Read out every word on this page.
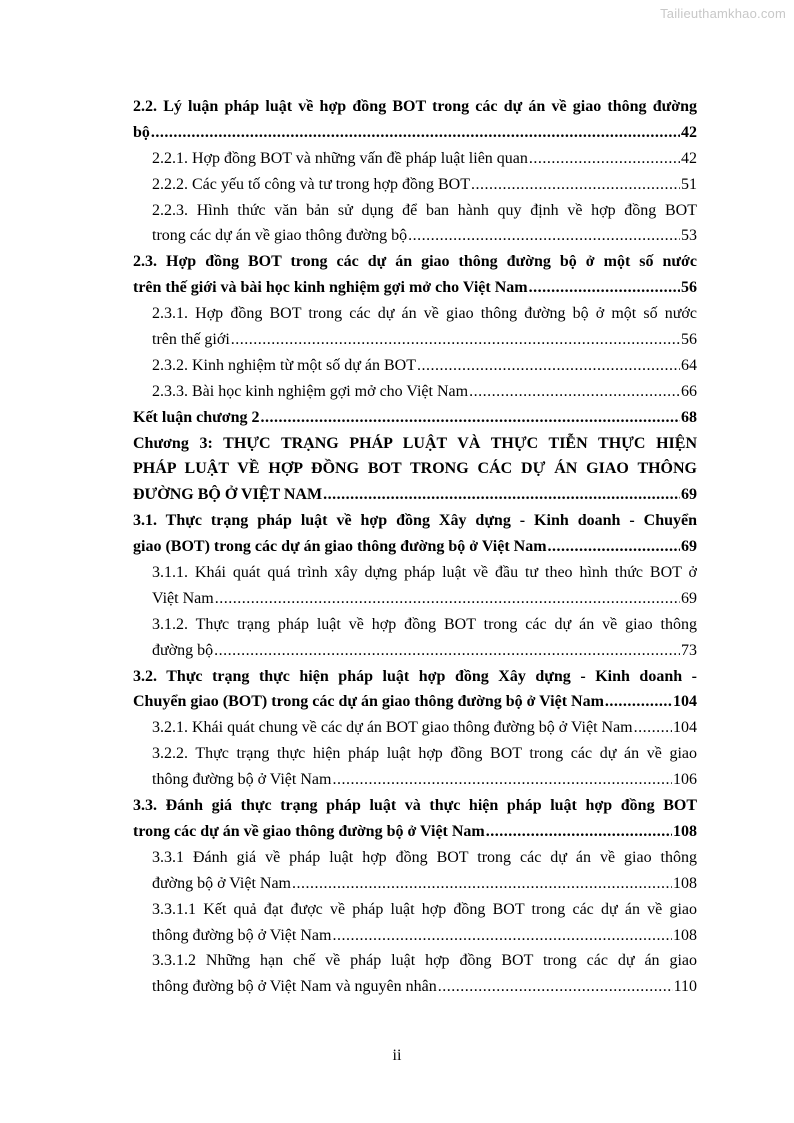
Tailieuthamkhao.com
2.2. Lý luận pháp luật về hợp đồng BOT trong các dự án về giao thông đường
bộ .....	42
2.2.1. Hợp đồng BOT và những vấn đề pháp luật liên quan .....	42
2.2.2. Các yếu tố công và tư trong hợp đồng BOT .....	51
2.2.3. Hình thức văn bản sử dụng để ban hành quy định về hợp đồng BOT
trong các dự án về giao thông đường bộ .....	53
2.3. Hợp đồng BOT trong các dự án giao thông đường bộ ở một số nước
trên thế giới và bài học kinh nghiệm gợi mở cho Việt Nam .....	56
2.3.1. Hợp đồng BOT trong các dự án về giao thông đường bộ ở một số nước
trên thế giới .....	56
2.3.2. Kinh nghiệm từ một số dự án BOT .....	64
2.3.3. Bài học kinh nghiệm gợi mở cho Việt Nam .....	66
Kết luận chương 2 .....	68
Chương 3: THỰC TRẠNG PHÁP LUẬT VÀ THỰC TIỄN THỰC HIỆN
PHÁP LUẬT VỀ HỢP ĐỒNG BOT TRONG CÁC DỰ ÁN GIAO THÔNG
ĐƯỜNG BỘ Ở VIỆT NAM .....	69
3.1. Thực trạng pháp luật về hợp đồng Xây dựng - Kinh doanh - Chuyển
giao (BOT) trong các dự án giao thông đường bộ ở Việt Nam .....	69
3.1.1. Khái quát quá trình xây dựng pháp luật về đầu tư theo hình thức BOT ở
Việt Nam .....	69
3.1.2. Thực trạng pháp luật về hợp đồng BOT trong các dự án về giao thông
đường bộ .....	73
3.2. Thực trạng thực hiện pháp luật hợp đồng Xây dựng - Kinh doanh -
Chuyển giao (BOT) trong các dự án giao thông đường bộ ở Việt Nam .....	104
3.2.1. Khái quát chung về các dự án BOT giao thông đường bộ ở Việt Nam .....	104
3.2.2. Thực trạng thực hiện pháp luật hợp đồng BOT trong các dự án về giao
thông đường bộ ở Việt Nam .....	106
3.3. Đánh giá thực trạng pháp luật và thực hiện pháp luật hợp đồng BOT
trong các dự án về giao thông đường bộ ở Việt Nam .....	108
3.3.1 Đánh giá về pháp luật hợp đồng BOT trong các dự án về giao thông
đường bộ ở Việt Nam .....	108
3.3.1.1 Kết quả đạt được về pháp luật hợp đồng BOT trong các dự án về giao
thông đường bộ ở Việt Nam .....	108
3.3.1.2 Những hạn chế về pháp luật hợp đồng BOT trong các dự án giao
thông đường bộ ở Việt Nam và nguyên nhân .....	110
ii
